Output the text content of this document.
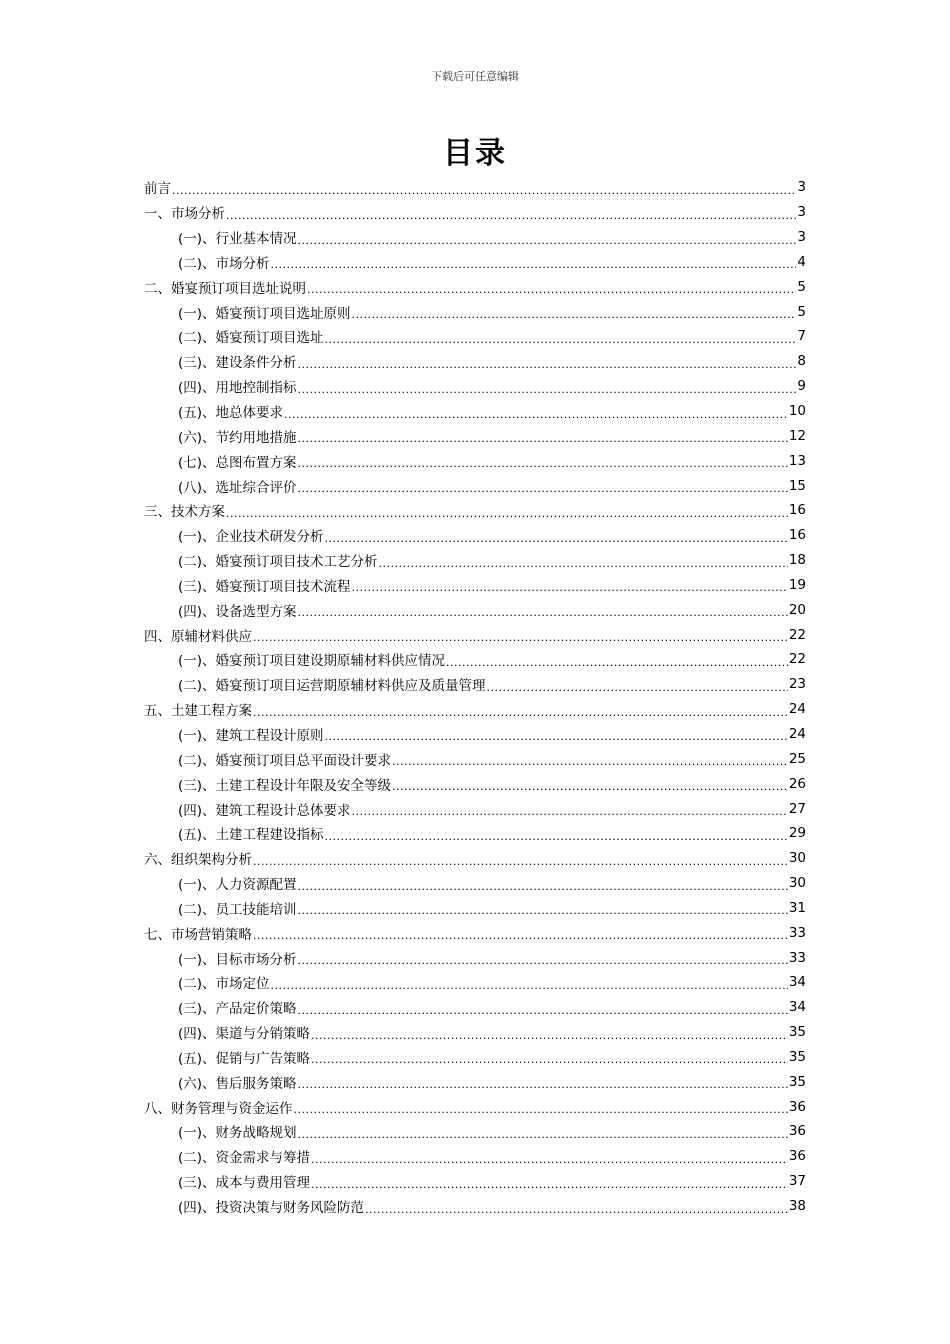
下载后可任意编辑
目录
前言 .....	3
一、市场分析 .....	3
(一)、行业基本情况 .....	3
(二)、市场分析 .....	4
二、婚宴预订项目选址说明 .....	5
(一)、婚宴预订项目选址原则 .....	5
(二)、婚宴预订项目选址 .....	7
(三)、建设条件分析 .....	8
(四)、用地控制指标 .....	9
(五)、地总体要求 .....	10
(六)、节约用地措施 .....	12
(七)、总图布置方案 .....	13
(八)、选址综合评价 .....	15
三、技术方案 .....	16
(一)、企业技术研发分析 .....	16
(二)、婚宴预订项目技术工艺分析 .....	18
(三)、婚宴预订项目技术流程 .....	19
(四)、设备选型方案 .....	20
四、原辅材料供应 .....	22
(一)、婚宴预订项目建设期原辅材料供应情况 .....	22
(二)、婚宴预订项目运营期原辅材料供应及质量管理 .....	23
五、土建工程方案 .....	24
(一)、建筑工程设计原则 .....	24
(二)、婚宴预订项目总平面设计要求 .....	25
(三)、土建工程设计年限及安全等级 .....	26
(四)、建筑工程设计总体要求 .....	27
(五)、土建工程建设指标 .....	29
六、组织架构分析 .....	30
(一)、人力资源配置 .....	30
(二)、员工技能培训 .....	31
七、市场营销策略 .....	33
(一)、目标市场分析 .....	33
(二)、市场定位 .....	34
(三)、产品定价策略 .....	34
(四)、渠道与分销策略 .....	35
(五)、促销与广告策略 .....	35
(六)、售后服务策略 .....	35
八、财务管理与资金运作 .....	36
(一)、财务战略规划 .....	36
(二)、资金需求与筹措 .....	36
(三)、成本与费用管理 .....	37
(四)、投资决策与财务风险防范 .....	38
